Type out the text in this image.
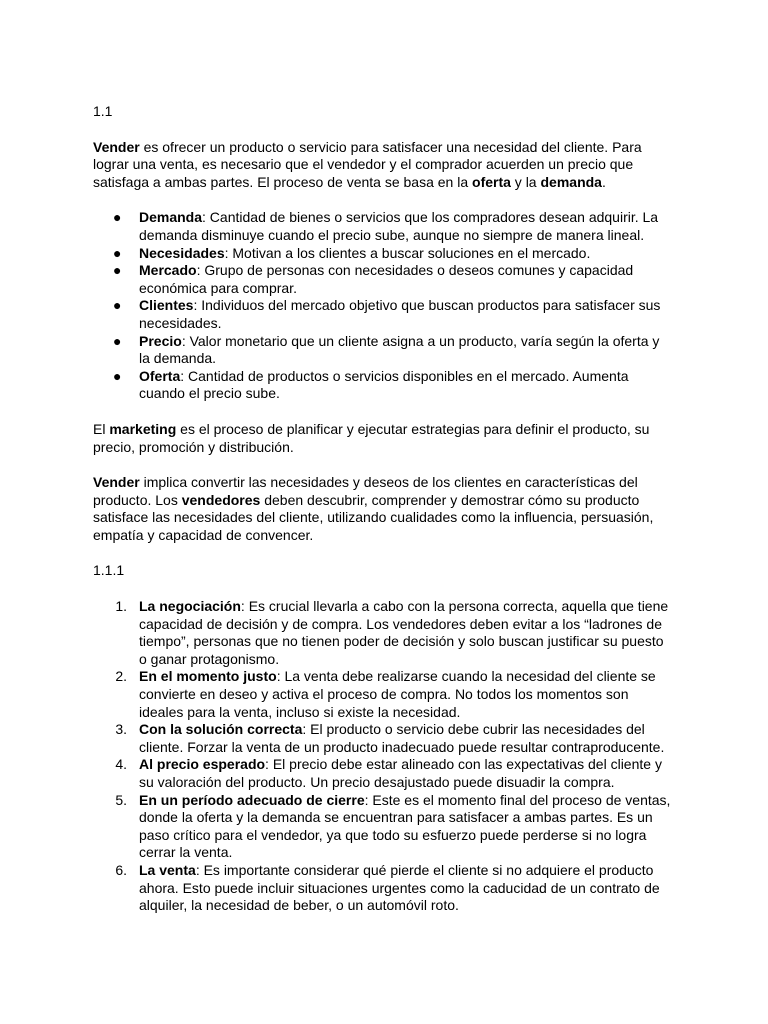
1.1

Vender es ofrecer un producto o servicio para satisfacer una necesidad del cliente. Para lograr una venta, es necesario que el vendedor y el comprador acuerden un precio que satisfaga a ambas partes. El proceso de venta se basa en la oferta y la demanda.

● Demanda: Cantidad de bienes o servicios que los compradores desean adquirir. La demanda disminuye cuando el precio sube, aunque no siempre de manera lineal.
● Necesidades: Motivan a los clientes a buscar soluciones en el mercado.
● Mercado: Grupo de personas con necesidades o deseos comunes y capacidad económica para comprar.
● Clientes: Individuos del mercado objetivo que buscan productos para satisfacer sus necesidades.
● Precio: Valor monetario que un cliente asigna a un producto, varía según la oferta y la demanda.
● Oferta: Cantidad de productos o servicios disponibles en el mercado. Aumenta cuando el precio sube.

El marketing es el proceso de planificar y ejecutar estrategias para definir el producto, su precio, promoción y distribución.

Vender implica convertir las necesidades y deseos de los clientes en características del producto. Los vendedores deben descubrir, comprender y demostrar cómo su producto satisface las necesidades del cliente, utilizando cualidades como la influencia, persuasión, empatía y capacidad de convencer.

1.1.1

1. La negociación: Es crucial llevarla a cabo con la persona correcta, aquella que tiene capacidad de decisión y de compra. Los vendedores deben evitar a los “ladrones de tiempo”, personas que no tienen poder de decisión y solo buscan justificar su puesto o ganar protagonismo.
2. En el momento justo: La venta debe realizarse cuando la necesidad del cliente se convierte en deseo y activa el proceso de compra. No todos los momentos son ideales para la venta, incluso si existe la necesidad.
3. Con la solución correcta: El producto o servicio debe cubrir las necesidades del cliente. Forzar la venta de un producto inadecuado puede resultar contraproducente.
4. Al precio esperado: El precio debe estar alineado con las expectativas del cliente y su valoración del producto. Un precio desajustado puede disuadir la compra.
5. En un período adecuado de cierre: Este es el momento final del proceso de ventas, donde la oferta y la demanda se encuentran para satisfacer a ambas partes. Es un paso crítico para el vendedor, ya que todo su esfuerzo puede perderse si no logra cerrar la venta.
6. La venta: Es importante considerar qué pierde el cliente si no adquiere el producto ahora. Esto puede incluir situaciones urgentes como la caducidad de un contrato de alquiler, la necesidad de beber, o un automóvil roto.
